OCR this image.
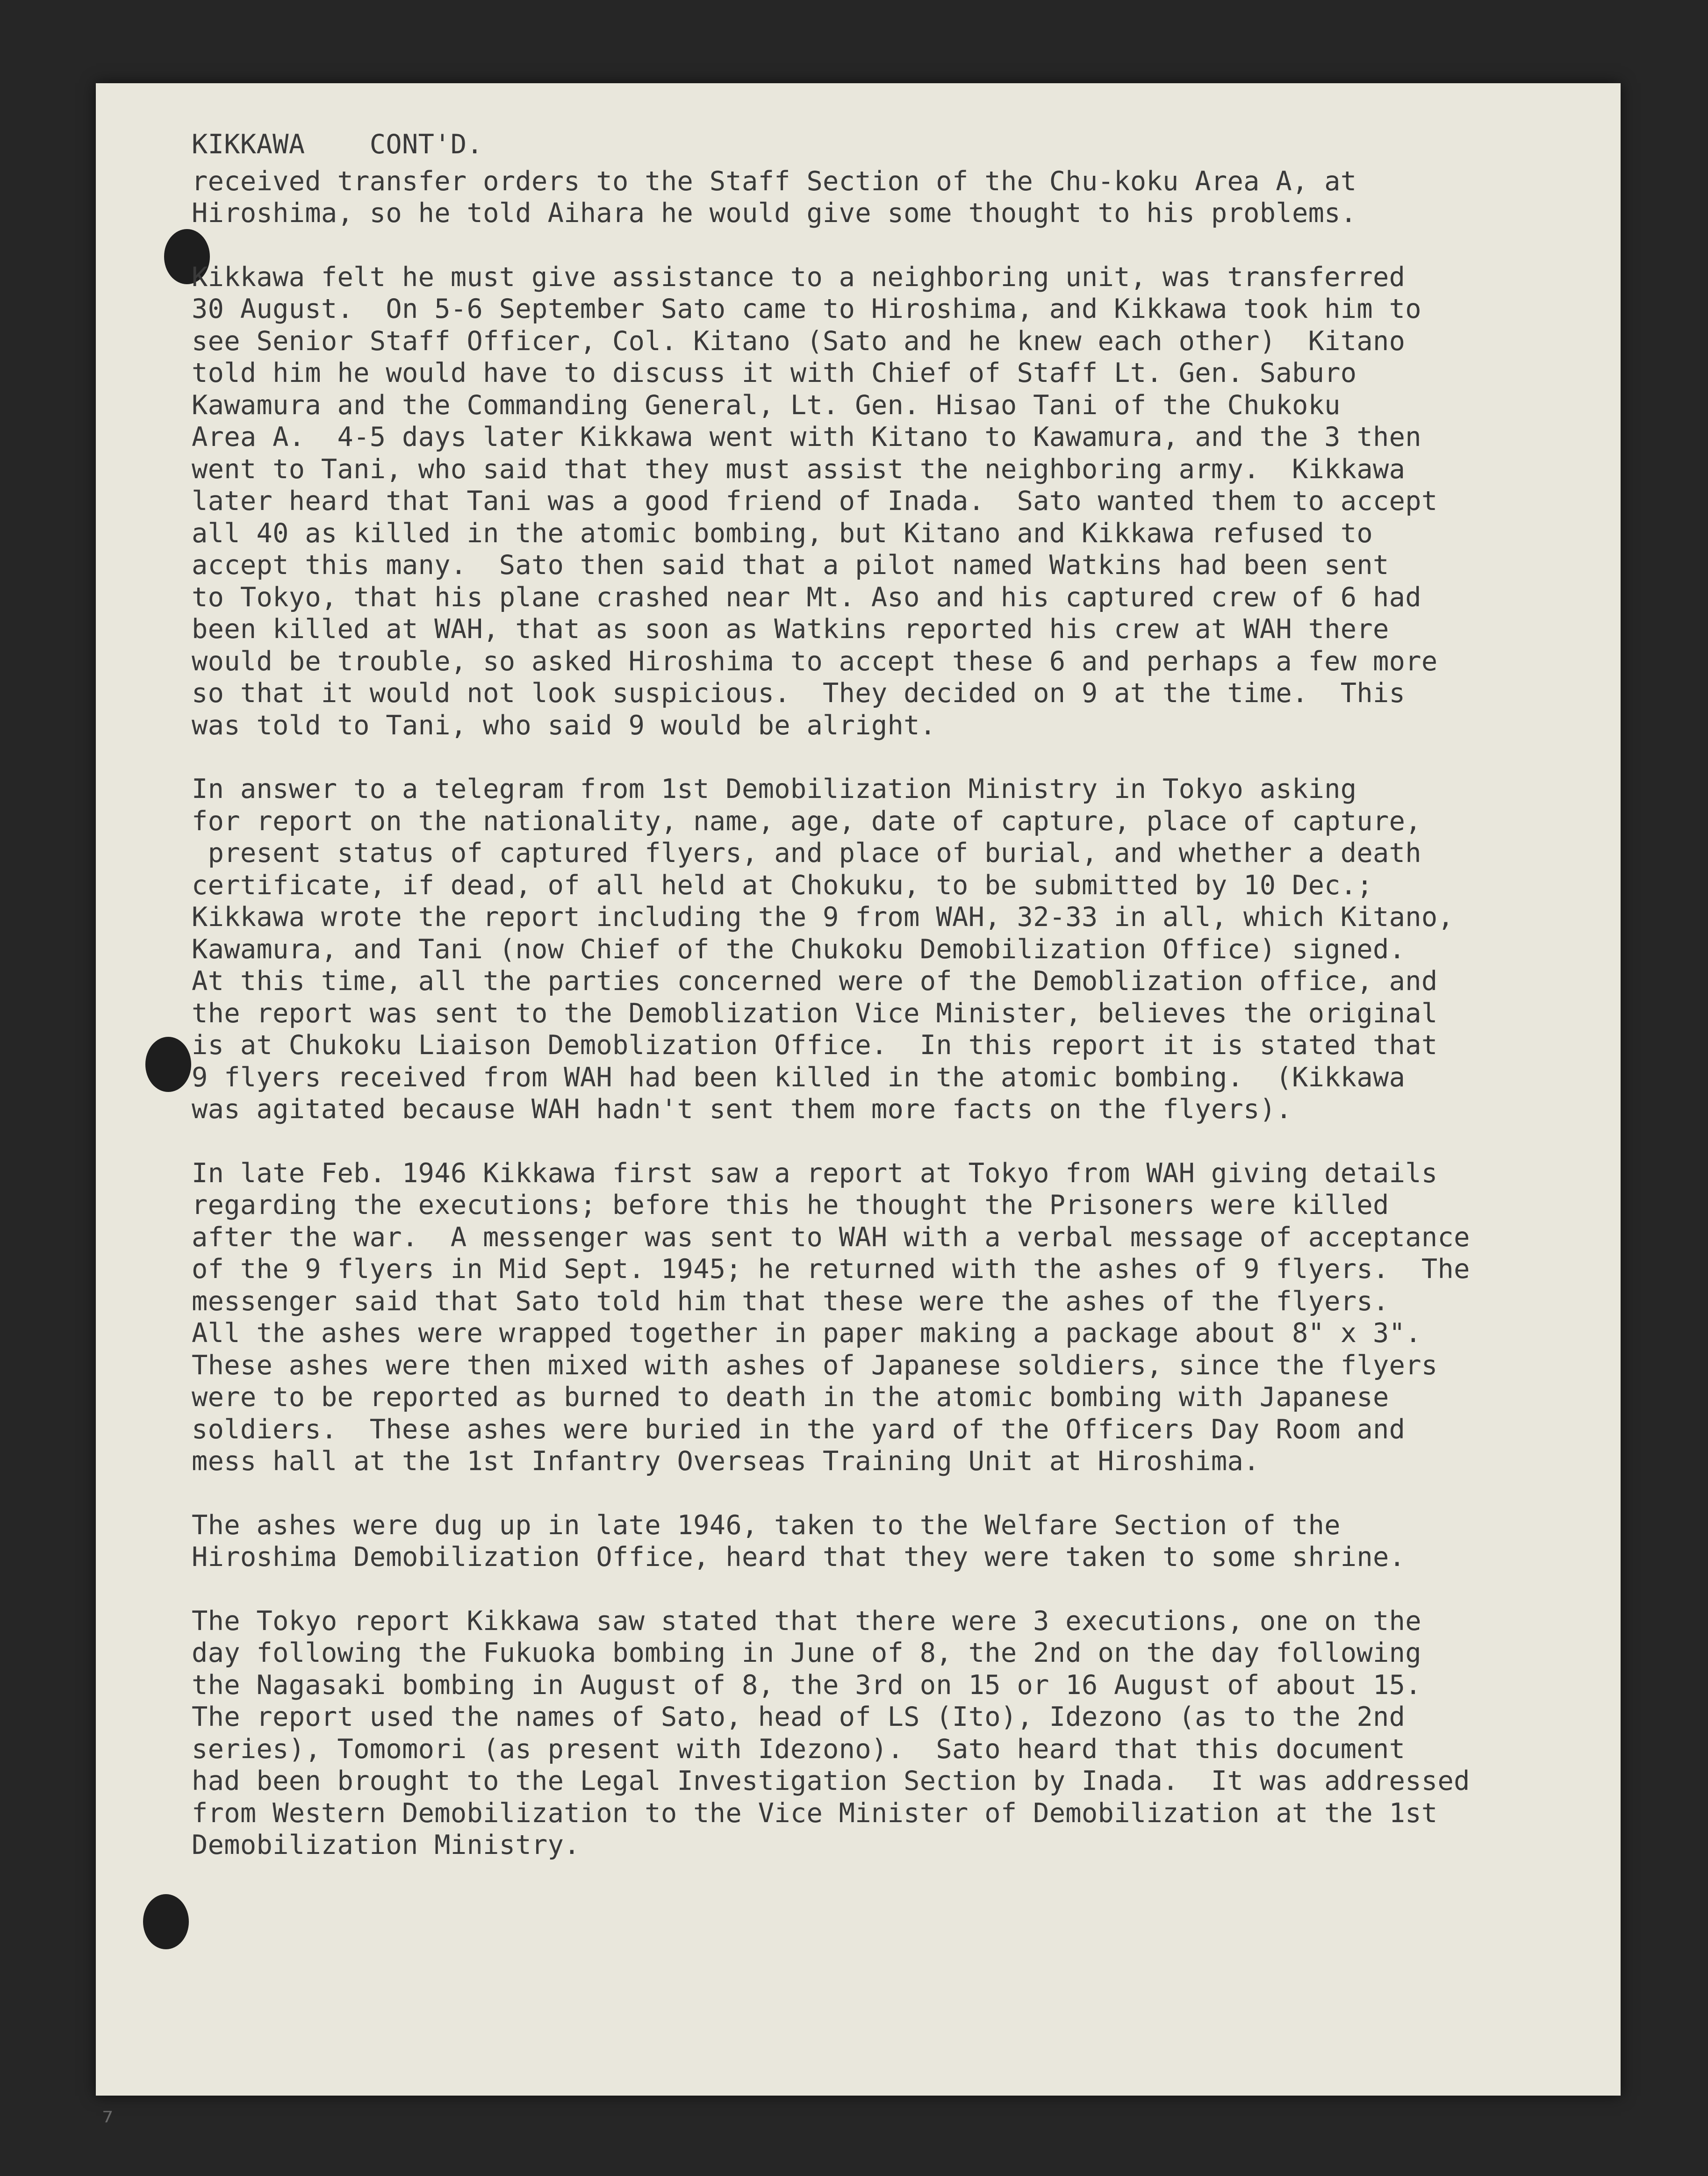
KIKKAWA    CONT'D.
received transfer orders to the Staff Section of the Chu-koku Area A, at
Hiroshima, so he told Aihara he would give some thought to his problems.
Kikkawa felt he must give assistance to a neighboring unit, was transferred
30 August.  On 5-6 September Sato came to Hiroshima, and Kikkawa took him to
see Senior Staff Officer, Col. Kitano (Sato and he knew each other)  Kitano
told him he would have to discuss it with Chief of Staff Lt. Gen. Saburo
Kawamura and the Commanding General, Lt. Gen. Hisao Tani of the Chukoku
Area A.  4-5 days later Kikkawa went with Kitano to Kawamura, and the 3 then
went to Tani, who said that they must assist the neighboring army.  Kikkawa
later heard that Tani was a good friend of Inada.  Sato wanted them to accept
all 40 as killed in the atomic bombing, but Kitano and Kikkawa refused to
accept this many.  Sato then said that a pilot named Watkins had been sent
to Tokyo, that his plane crashed near Mt. Aso and his captured crew of 6 had
been killed at WAH, that as soon as Watkins reported his crew at WAH there
would be trouble, so asked Hiroshima to accept these 6 and perhaps a few more
so that it would not look suspicious.  They decided on 9 at the time.  This
was told to Tani, who said 9 would be alright.
In answer to a telegram from 1st Demobilization Ministry in Tokyo asking
for report on the nationality, name, age, date of capture, place of capture,
present status of captured flyers, and place of burial, and whether a death
certificate, if dead, of all held at Chokuku, to be submitted by 10 Dec.;
Kikkawa wrote the report including the 9 from WAH, 32-33 in all, which Kitano,
Kawamura, and Tani (now Chief of the Chukoku Demobilization Office) signed.
At this time, all the parties concerned were of the Demoblization office, and
the report was sent to the Demoblization Vice Minister, believes the original
is at Chukoku Liaison Demoblization Office.  In this report it is stated that
9 flyers received from WAH had been killed in the atomic bombing.  (Kikkawa
was agitated because WAH hadn't sent them more facts on the flyers).
In late Feb. 1946 Kikkawa first saw a report at Tokyo from WAH giving details
regarding the executions; before this he thought the Prisoners were killed
after the war.  A messenger was sent to WAH with a verbal message of acceptance
of the 9 flyers in Mid Sept. 1945; he returned with the ashes of 9 flyers.  The
messenger said that Sato told him that these were the ashes of the flyers.
All the ashes were wrapped together in paper making a package about 8" x 3".
These ashes were then mixed with ashes of Japanese soldiers, since the flyers
were to be reported as burned to death in the atomic bombing with Japanese
soldiers.  These ashes were buried in the yard of the Officers Day Room and
mess hall at the 1st Infantry Overseas Training Unit at Hiroshima.
The ashes were dug up in late 1946, taken to the Welfare Section of the
Hiroshima Demobilization Office, heard that they were taken to some shrine.
The Tokyo report Kikkawa saw stated that there were 3 executions, one on the
day following the Fukuoka bombing in June of 8, the 2nd on the day following
the Nagasaki bombing in August of 8, the 3rd on 15 or 16 August of about 15.
The report used the names of Sato, head of LS (Ito), Idezono (as to the 2nd
series), Tomomori (as present with Idezono).  Sato heard that this document
had been brought to the Legal Investigation Section by Inada.  It was addressed
from Western Demobilization to the Vice Minister of Demobilization at the 1st
Demobilization Ministry.
⁷
